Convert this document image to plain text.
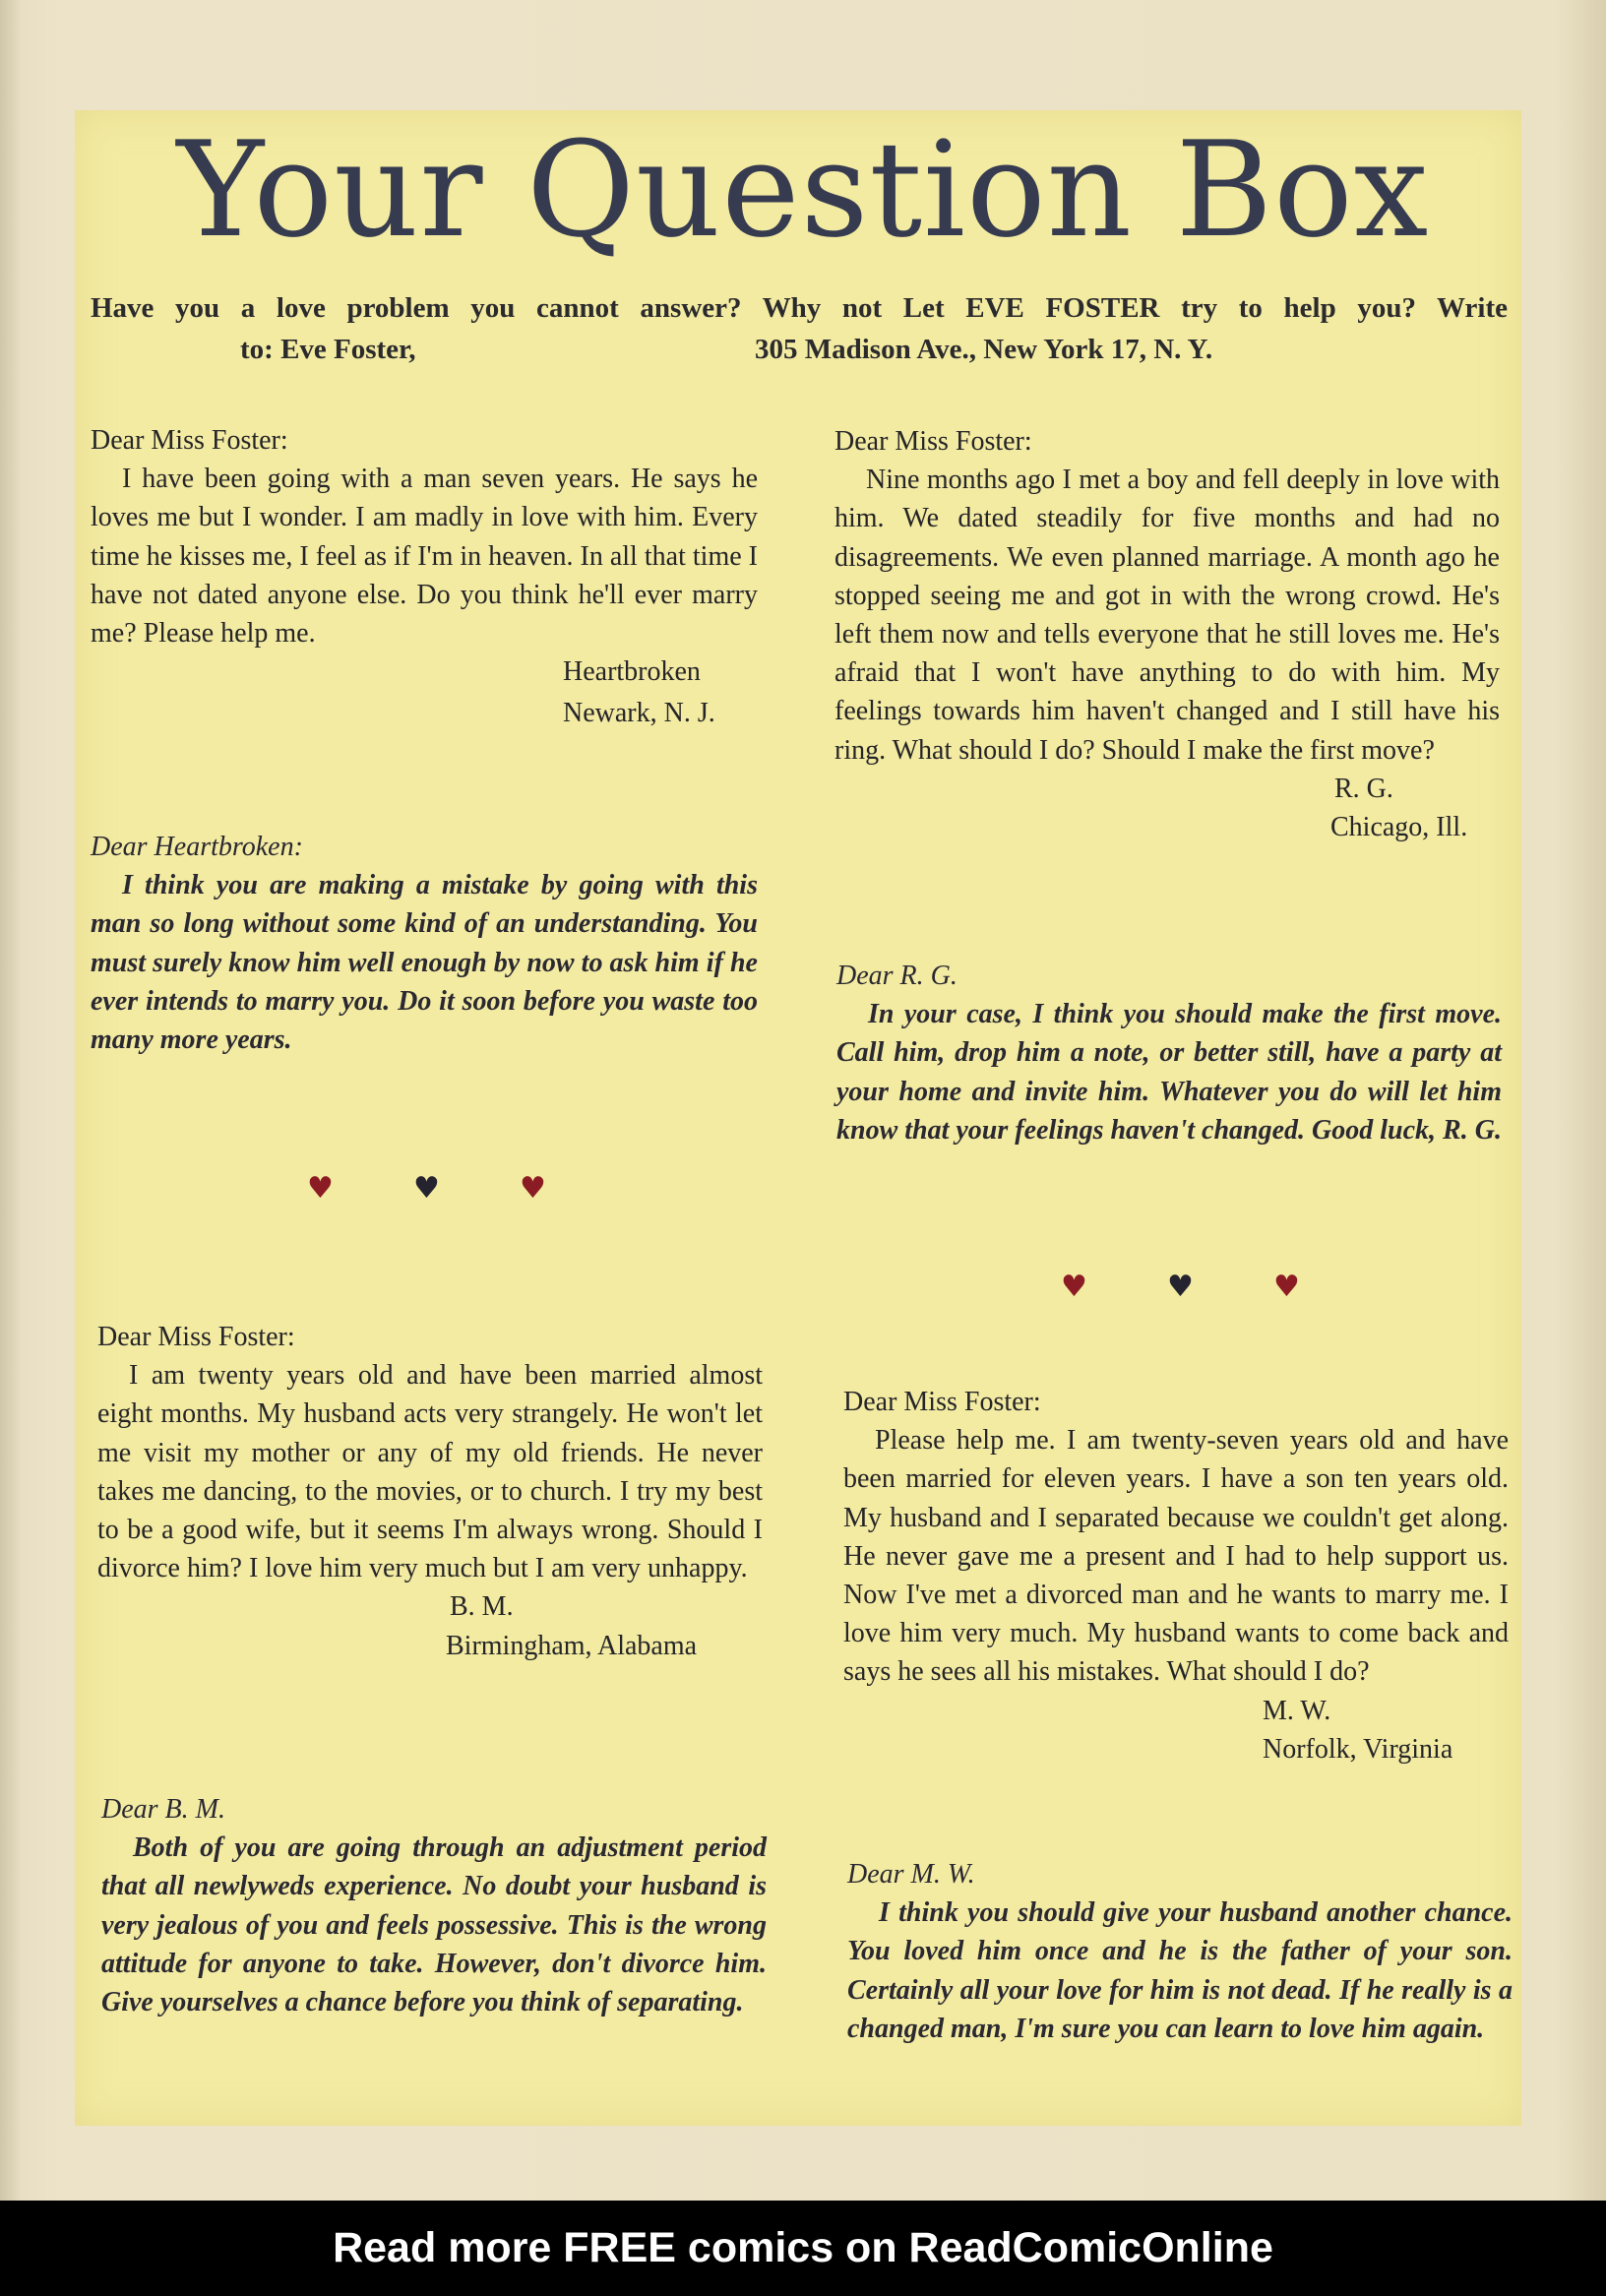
Your Question Box
Have you a love problem you cannot answer? Why not Let EVE FOSTER try to help you? Write
to: Eve Foster,	305 Madison Ave., New York 17, N. Y.
Dear Miss Foster:

I have been going with a man seven years. He says he loves me but I wonder. I am madly in love with him. Every time he kisses me, I feel as if I'm in heaven. In all that time I have not dated anyone else. Do you think he'll ever marry me? Please help me.

Heartbroken
Newark, N. J.
Dear Heartbroken:

I think you are making a mistake by going with this man so long without some kind of an understanding. You must surely know him well enough by now to ask him if he ever intends to marry you. Do it soon before you waste too many more years.

♥	♥	♥
Dear Miss Foster:

Nine months ago I met a boy and fell deeply in love with him. We dated steadily for five months and had no disagreements. We even planned marriage. A month ago he stopped seeing me and got in with the wrong crowd. He's left them now and tells everyone that he still loves me. He's afraid that I won't have anything to do with him. My feelings towards him haven't changed and I still have his ring. What should I do? Should I make the first move?

R. G.
Chicago, Ill.
Dear R. G.

In your case, I think you should make the first move. Call him, drop him a note, or better still, have a party at your home and invite him. Whatever you do will let him know that your feelings haven't changed. Good luck, R. G.

♥	♥	♥
Dear Miss Foster:

I am twenty years old and have been married almost eight months. My husband acts very strangely. He won't let me visit my mother or any of my old friends. He never takes me dancing, to the movies, or to church. I try my best to be a good wife, but it seems I'm always wrong. Should I divorce him? I love him very much but I am very unhappy.

B. M.
Birmingham, Alabama
Dear B. M.

Both of you are going through an adjustment period that all newlyweds experience. No doubt your husband is very jealous of you and feels possessive. This is the wrong attitude for anyone to take. However, don't divorce him. Give yourselves a chance before you think of separating.

Dear Miss Foster:

Please help me. I am twenty-seven years old and have been married for eleven years. I have a son ten years old. My husband and I separated because we couldn't get along. He never gave me a present and I had to help support us. Now I've met a divorced man and he wants to marry me. I love him very much. My husband wants to come back and says he sees all his mistakes. What should I do?

M. W.
Norfolk, Virginia
Dear M. W.

I think you should give your husband another chance. You loved him once and he is the father of your son. Certainly all your love for him is not dead. If he really is a changed man, I'm sure you can learn to love him again.

Read more FREE comics on ReadComicOnline
